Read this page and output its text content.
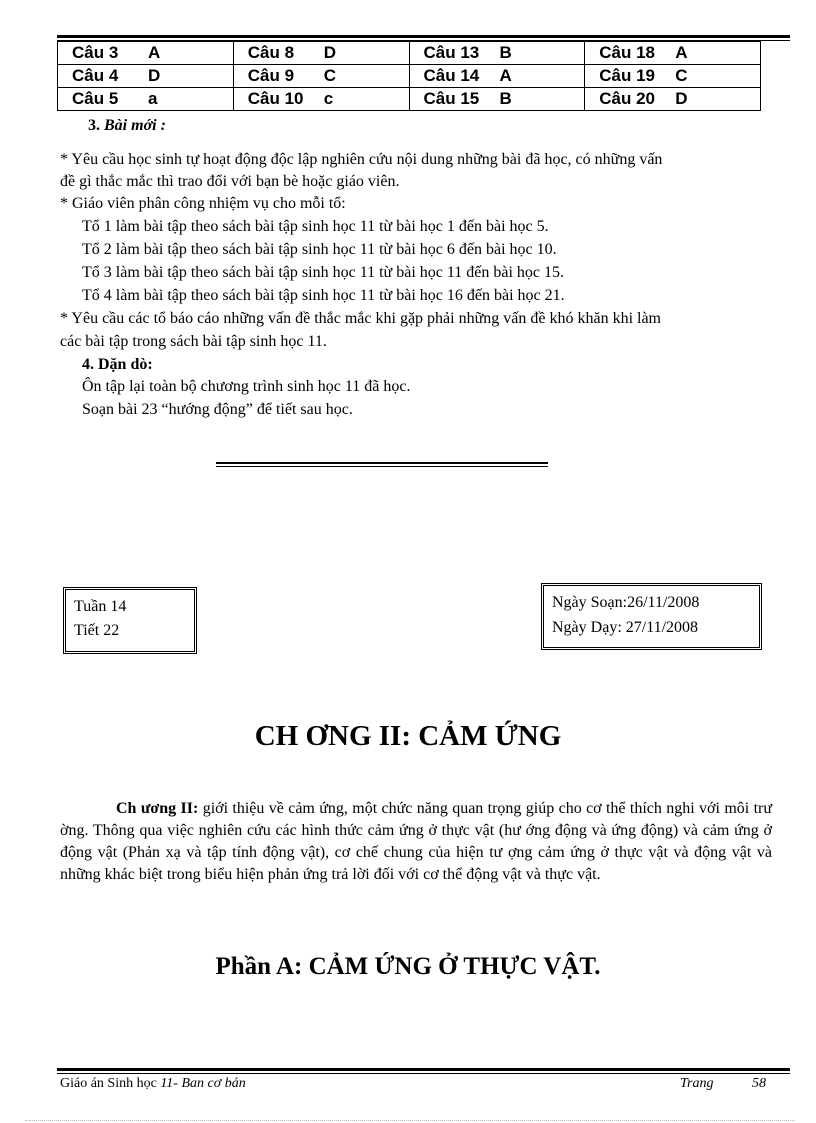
Câu 3 A	Câu 8 D	Câu 13 B	Câu 18 A
Câu 4 D	Câu 9 C	Câu 14 A	Câu 19 C
Câu 5 a	Câu 10 c	Câu 15 B	Câu 20 D
3. Bài mới :
* Yêu cầu học sinh tự hoạt động độc lập nghiên cứu nội dung những bài đã học, có những vấn
đề gì thắc mắc thì trao đổi với bạn bè hoặc giáo viên.
* Giáo viên phân công nhiệm vụ cho mỗi tổ:
Tổ 1 làm bài tập theo sách bài tập sinh học 11 từ bài học 1 đến bài học 5.
Tổ 2 làm bài tập theo sách bài tập sinh học 11 từ bài học 6 đến bài học 10.
Tổ 3 làm bài tập theo sách bài tập sinh học 11 từ bài học 11 đến bài học 15.
Tổ 4 làm bài tập theo sách bài tập sinh học 11 từ bài học 16 đến bài học 21.
* Yêu cầu các tổ báo cáo những vấn đề thắc mắc khi gặp phải những vấn đề khó khăn khi làm
các bài tập trong sách bài tập sinh học 11.
4. Dặn dò:
Ôn tập lại toàn bộ chương trình sinh học 11 đã học.
Soạn bài 23 “hướng động” để tiết sau học.
Tuần 14
Tiết 22
Ngày Soạn:26/11/2008
Ngày Dạy: 27/11/2008
CH ƠNG II: CẢM ỨNG
Ch ương II: giới thiệu về cảm ứng, một chức năng quan trọng giúp cho cơ thể thích nghi với môi trư ờng. Thông qua việc nghiên cứu các hình thức cảm ứng ở thực vật (hư ớng động và ứng động) và cảm ứng ở động vật (Phản xạ và tập tính động vật), cơ chế chung của hiện tư ợng cảm ứng ở thực vật và động vật và những khác biệt trong biểu hiện phản ứng trả lời đối với cơ thể động vật và thực vật.
Phần A: CẢM ỨNG Ở THỰC VẬT.
Giáo án Sinh học 11- Ban cơ bản	Trang	58
